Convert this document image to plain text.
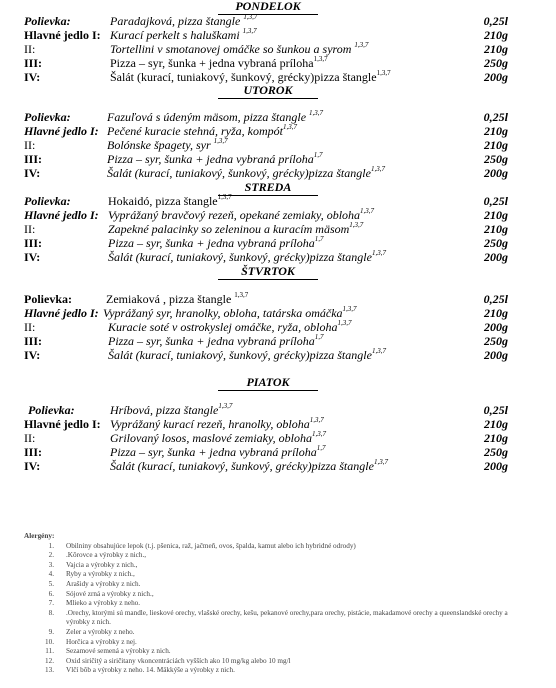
PONDELOK
Polievka:	Paradajková, pizza štangle $^{1,3,7}$	0,25l
Hlavné jedlo I: Kurací perkelt s haluškami $^{1,3,7}$	210g
II:	Tortellini v smotanovej omáčke so šunkou a syrom $^{1,3,7}$	210g
III:	Pizza – syr, šunka + jedna vybraná príloha$^{1,3,7}$	250g
IV:	Šalát (kurací, tuniakový, šunkový, grécky)pizza štangle$^{1,3,7}$	200g
UTOROK
Polievka:	Fazuľová s údeným mäsom, pizza štangle $^{1,3,7}$	0,25l
Hlavné jedlo I: Pečené kuracie stehná, ryža, kompót$^{1,3,7}$	210g
II:	Bolónske špagety, syr $^{1,3,7}$	210g
III:	Pizza – syr, šunka + jedna vybraná príloha$^{1,7}$	250g
IV:	Šalát (kurací, tuniakový, šunkový, grécky)pizza štangle$^{1,3,7}$	200g
STREDA
Polievka:	Hokaidó, pizza štangle$^{1,3,7}$	0,25l
Hlavné jedlo I: Vyprážaný bravčový rezeň, opekané zemiaky, obloha$^{1,3,7}$	210g
II:	Zapekné palacinky so zeleninou a kuracím mäsom$^{1,3,7}$	210g
III:	Pizza – syr, šunka + jedna vybraná príloha$^{1,7}$	250g
IV:	Šalát (kurací, tuniakový, šunkový, grécky)pizza štangle$^{1,3,7}$	200g
ŠTVRTOK
Polievka:	Zemiaková , pizza štangle $^{1,3,7}$	0,25l
Hlavné jedlo I: Vyprážaný syr, hranolky, obloha, tatárska omáčka$^{1,3,7}$	210g
II:	Kuracie soté v ostrokyslej omáčke, ryža, obloha$^{1,3,7}$	200g
III:	Pizza – syr, šunka + jedna vybraná príloha$^{1,7}$	250g
IV:	Šalát (kurací, tuniakový, šunkový, grécky)pizza štangle$^{1,3,7}$	200g
PIATOK
Polievka:	Hríbová, pizza štangle$^{1,3,7}$	0,25l
Hlavné jedlo I: Vyprážaný kurací rezeň, hranolky, obloha$^{1,3,7}$	210g
II:	Grilovaný losos, maslové zemiaky, obloha$^{1,3,7}$	210g
III:	Pizza – syr, šunka + jedna vybraná príloha$^{1,7}$	250g
IV:	Šalát (kurací, tuniakový, šunkový, grécky)pizza štangle$^{1,3,7}$	200g
Alergény:
1.	Obilniny obsahujúce lepok (t.j. pšenica, raž, jačmeň, ovos, špalda, kamut alebo ich hybridné odrody)
2.	.Kôrovce a výrobky z nich.,
3.	Vajcia a výrobky z nich.,
4.	Ryby a výrobky z nich.,
5.	Arašidy a výrobky z nich.
6.	Sójové zrná a výrobky z nich.,
7.	Mlieko a výrobky z neho.
8.	.Orechy, ktorými sú mandle, lieskové orechy, vlašské orechy, kešu, pekanové orechy,para orechy, pistácie, makadamové orechy a queenslandské orechy a výrobky z nich.
9.	Zeler a výrobky z neho.
10.	Horčica a výrobky z nej.
11.	Sezamové semená a výrobky z nich.
12.	Oxid siričitý a siričitany vkoncentráciách vyšších ako 10 mg/kg alebo 10 mg/l
13.	Vlčí bôb a výrobky z neho. 14. Mäkkýše a výrobky z nich.
